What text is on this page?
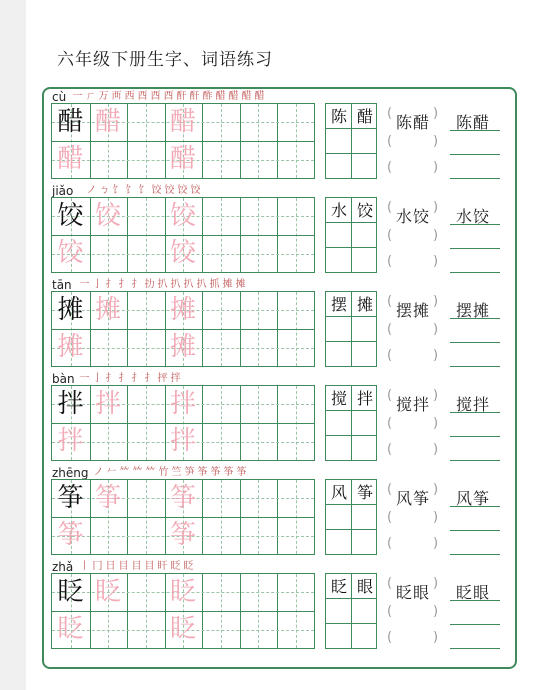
六年级下册生字、词语练习
cù 一 ㄏ 万 襾 西 酉 酉 酉 酐 酐 酢 醋 醋 醋 醋
醋 醋 醋
醋	醋
陈 醋	陈醋
(	)
(	)
(	)
陈醋
jiǎo ノ ㄅ 饣 饣 饣 饺 饺 饺 饺
饺 饺 饺
饺	饺
水 饺	水饺
(	)
(	)
(	)
水饺
tān 一 亅 扌 扌 扌 扐 扒 扒 扒 扒 抓 摊 摊
摊 摊 摊
摊	摊
摆 摊	摆摊
(	)
(	)
(	)
摆摊
bàn 一 亅 扌 扌 扌 扌 抨 拌
拌 拌 拌
拌	拌
搅 拌	搅拌
(	)
(	)
(	)
搅拌
zhēng ノ 𠂉 𥫗 𥫗 𥫗 竹 竺 笋 筝 筝 筝 筝
筝 筝 筝
筝	筝
风 筝	风筝
(	)
(	)
(	)
风筝
zhǎ 丨 冂 日 目 目 目 盰 眨 眨
眨 眨 眨
眨	眨
眨 眼	眨眼
(	)
(	)
(	)
眨眼
